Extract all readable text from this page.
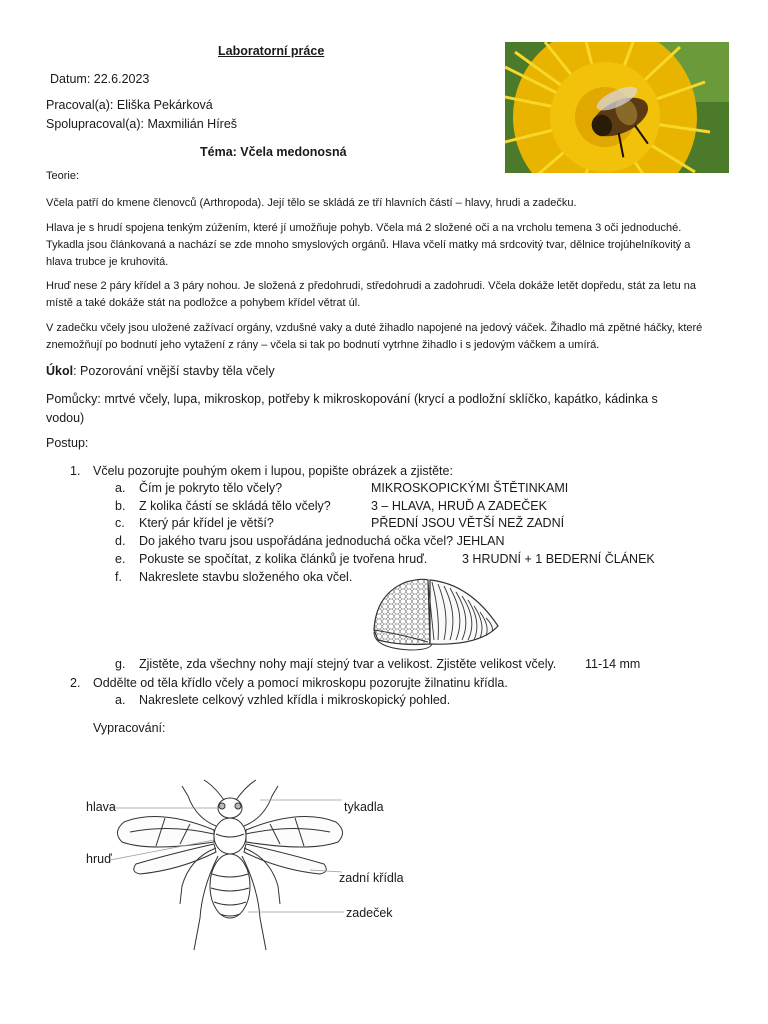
Laboratorní práce
Datum: 22.6.2023
Pracoval(a): Eliška Pekárková
Spolupracoval(a): Maxmilián Híreš
Téma: Včela medonosná
Teorie:
Včela patří do kmene členovců (Arthropoda). Její tělo se skládá ze tří hlavních částí – hlavy, hrudi a zadečku.
Hlava je s hrudí spojena tenkým zúžením, které jí umožňuje pohyb. Včela má 2 složené oči a na vrcholu temena 3 oči jednoduché. Tykadla jsou článkovaná a nachází se zde mnoho smyslových orgánů. Hlava včelí matky má srdcovitý tvar, dělnice trojúhelníkovitý a hlava trubce je kruhovitá.
Hruď nese 2 páry křídel a 3 páry nohou. Je složená z předohrudi, středohrudi a zadohrudi. Včela dokáže letět dopředu, stát za letu na místě a také dokáže stát na podložce a pohybem křídel větrat úl.
V zadečku včely jsou uložené zažívací orgány, vzdušné vaky a duté žihadlo napojené na jedový váček. Žihadlo má zpětné háčky, které znemožňují po bodnutí jeho vytažení z rány – včela si tak po bodnutí vytrhne žihadlo i s jedovým váčkem a umírá.
Úkol: Pozorování vnější stavby těla včely
Pomůcky: mrtvé včely, lupa, mikroskop, potřeby k mikroskopování (krycí a podložní sklíčko, kapátko, kádinka s vodou)
Postup:
1. Včelu pozorujte pouhým okem i lupou, popište obrázek a zjistěte:
a. Čím je pokryto tělo včely?	MIKROSKOPICKÝMI ŠTĚTINKAMI
b. Z kolika částí se skládá tělo včely?	3 – HLAVA, HRUĎ A ZADEČEK
c. Který pár křídel je větší?	PŘEDNÍ JSOU VĚTŠÍ NEŽ ZADNÍ
d. Do jakého tvaru jsou uspořádána jednoduchá očka včel? JEHLAN
e. Pokuste se spočítat, z kolika článků je tvořena hruď.	3 HRUDNÍ + 1 BEDERNÍ ČLÁNEK
f. Nakreslete stavbu složeného oka včel.
g. Zjistěte, zda všechny nohy mají stejný tvar a velikost. Zjistěte velikost včely. 11-14 mm
2. Oddělte od těla křídlo včely a pomocí mikroskopu pozorujte žilnatinu křídla.
a. Nakreslete celkový vzhled křídla i mikroskopický pohled.
Vypracování:
hlava	tykadla
hruď
zadní křídla
zadeček
